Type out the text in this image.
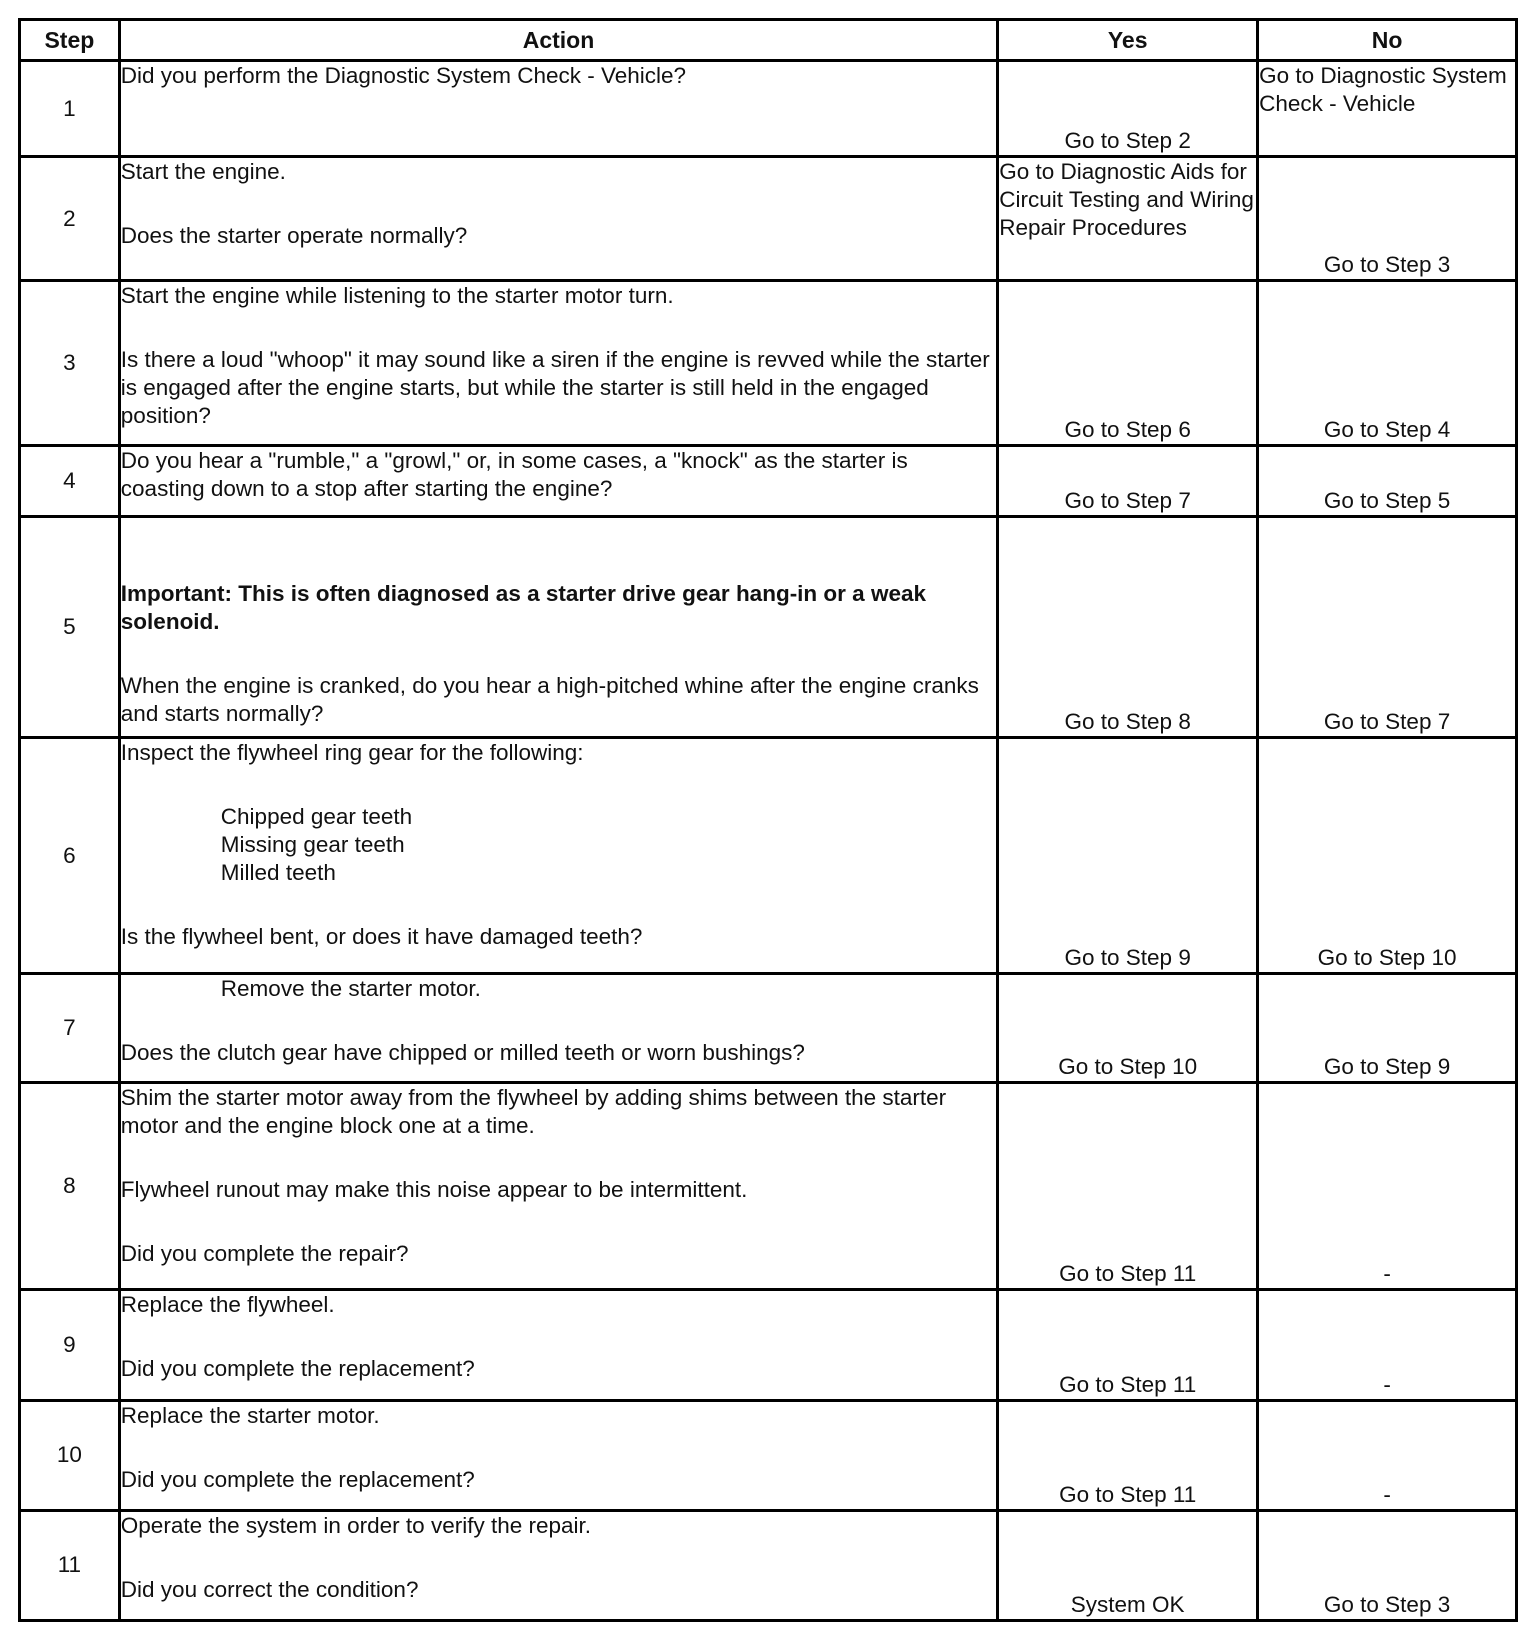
Step	Action	Yes	No
1	Did you perform the Diagnostic System Check - Vehicle?	Go to Step 2	Go to Diagnostic System Check - Vehicle
2	Start the engine.
Does the starter operate normally?	Go to Diagnostic Aids for Circuit Testing and Wiring Repair Procedures	Go to Step 3
3	Start the engine while listening to the starter motor turn.
Is there a loud "whoop" it may sound like a siren if the engine is revved while the starter is engaged after the engine starts, but while the starter is still held in the engaged position?	Go to Step 6	Go to Step 4
4	Do you hear a "rumble," a "growl," or, in some cases, a "knock" as the starter is coasting down to a stop after starting the engine?	Go to Step 7	Go to Step 5
5	Important: This is often diagnosed as a starter drive gear hang-in or a weak solenoid.
When the engine is cranked, do you hear a high-pitched whine after the engine cranks and starts normally?	Go to Step 8	Go to Step 7
6	Inspect the flywheel ring gear for the following:
Chipped gear teeth
Missing gear teeth
Milled teeth
Is the flywheel bent, or does it have damaged teeth?	Go to Step 9	Go to Step 10
7	Remove the starter motor.
Does the clutch gear have chipped or milled teeth or worn bushings?	Go to Step 10	Go to Step 9
8	Shim the starter motor away from the flywheel by adding shims between the starter motor and the engine block one at a time.
Flywheel runout may make this noise appear to be intermittent.
Did you complete the repair?	Go to Step 11	-
9	Replace the flywheel.
Did you complete the replacement?	Go to Step 11	-
10	Replace the starter motor.
Did you complete the replacement?	Go to Step 11	-
11	Operate the system in order to verify the repair.
Did you correct the condition?	System OK	Go to Step 3
